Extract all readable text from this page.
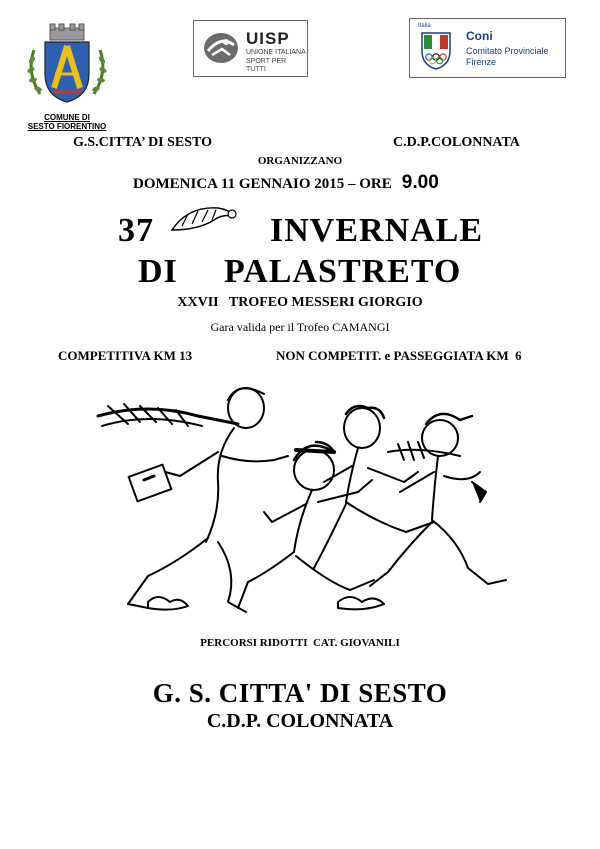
COMUNE DI
SESTO FIORENTINO
UISP
UNIONE ITALIANA
SPORT PER TUTTI
Italia
Coni
Comitato Provinciale
Firenze
G.S.CITTA’ DI SESTO	C.D.P.COLONNATA
ORGANIZZANO
DOMENICA 11 GENNAIO 2015 – ORE 9.00
37	INVERNALE
DI PALASTRETO
XXVII   TROFEO MESSERI GIORGIO
Gara valida per il Trofeo CAMANGI
COMPETITIVA KM 13	NON COMPETIT. e PASSEGGIATA KM  6
PERCORSI RIDOTTI  CAT. GIOVANILI
G. S. CITTA' DI SESTO
C.D.P. COLONNATA
